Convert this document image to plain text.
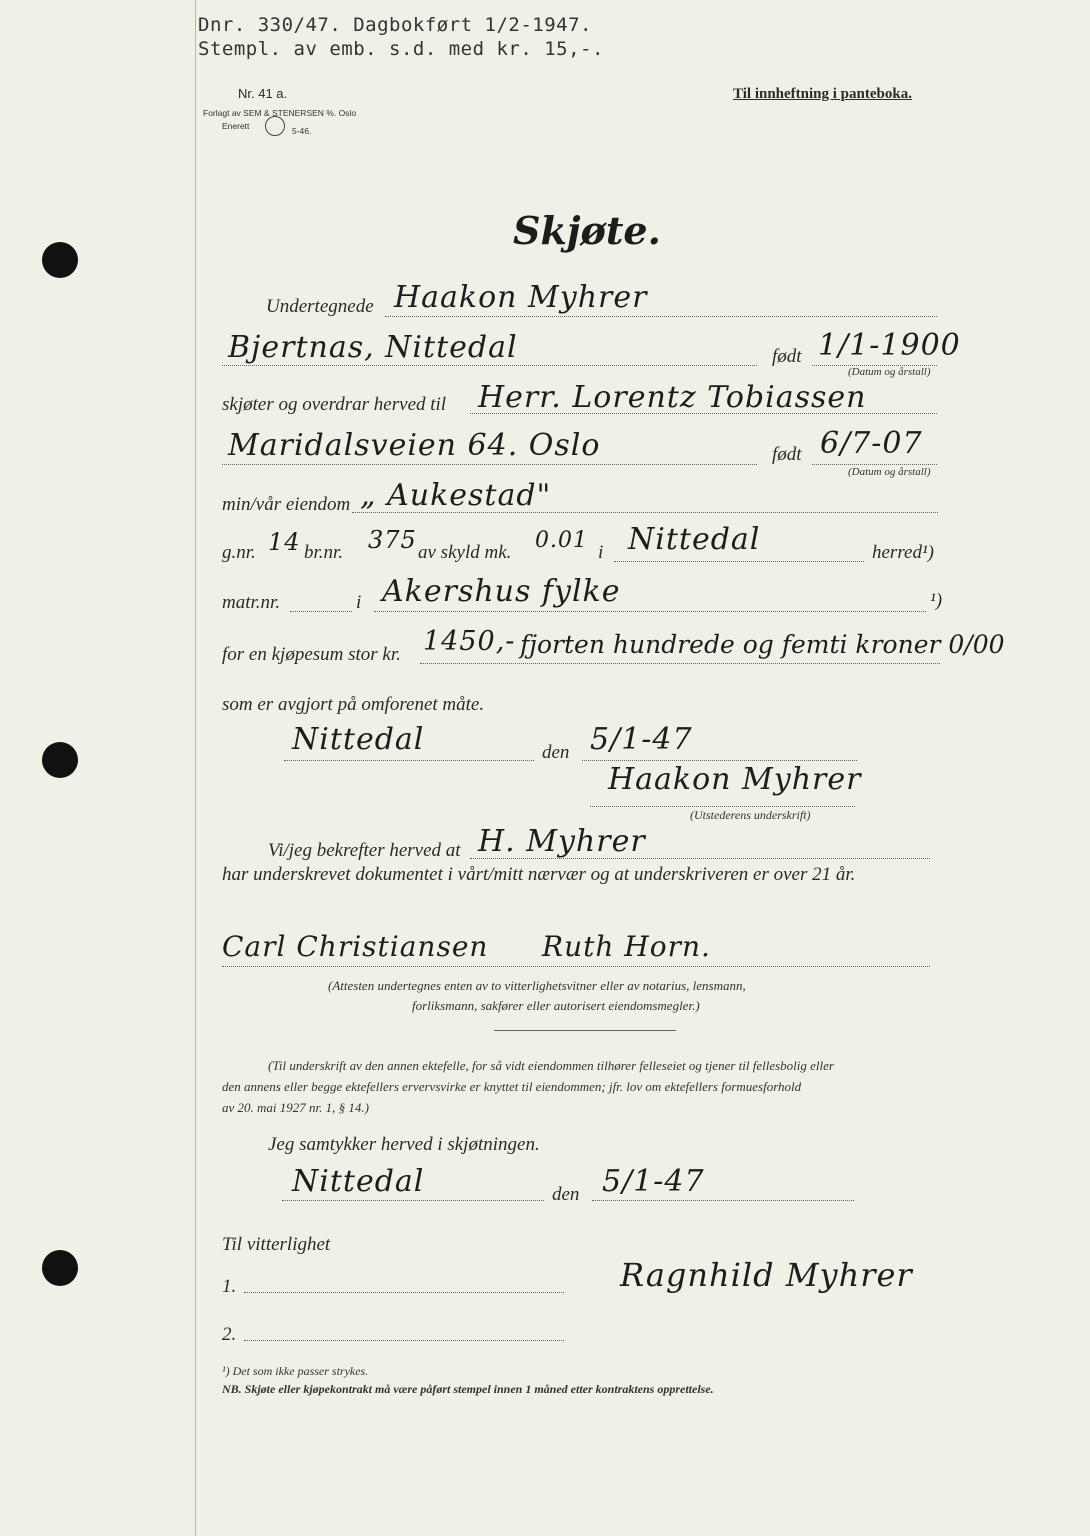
Dnr. 330/47. Dagbokført 1/2-1947.
Stempl. av emb. s.d. med kr. 15,-.
Nr. 41 a.
Forlagt av SEM & STENERSEN %. Oslo
Enerett	5-46.
Til innheftning i panteboka.
Skjøte.
Undertegnede Haakon Myhrer
Bjertnas, Nittedal	født 1/1-1900
(Datum og årstall)
skjøter og overdrar herved til Herr. Lorentz Tobiassen
Maridalsveien 64. Oslo	født 6/7-07
(Datum og årstall)
min/vår eiendom „ Aukestad"
g.nr. 14 br.nr. 375 av skyld mk. 0.01 i Nittedal	herred¹)
matr.nr.	i Akershus fylke	¹)
for en kjøpesum stor kr. 1450,- fjorten hundrede og femti kroner 0/00
som er avgjort på omforenet måte.
Nittedal	den 5/1-47
Haakon Myhrer
(Utstederens underskrift)
Vi/jeg bekrefter herved at H. Myhrer
har underskrevet dokumentet i vårt/mitt nærvær og at underskriveren er over 21 år.
Carl Christiansen Ruth Horn.
(Attesten undertegnes enten av to vitterlighetsvitner eller av notarius, lensmann,
forliksmann, sakfører eller autorisert eiendomsmegler.)
(Til underskrift av den annen ektefelle, for så vidt eiendommen tilhører felleseiet og tjener til fellesbolig eller
den annens eller begge ektefellers ervervsvirke er knyttet til eiendommen; jfr. lov om ektefellers formuesforhold
av 20. mai 1927 nr. 1, § 14.)
Jeg samtykker herved i skjøtningen.
Nittedal	den 5/1-47
Til vitterlighet
1.
2.
Ragnhild Myhrer
¹) Det som ikke passer strykes.
NB. Skjøte eller kjøpekontrakt må være påført stempel innen 1 måned etter kontraktens opprettelse.
